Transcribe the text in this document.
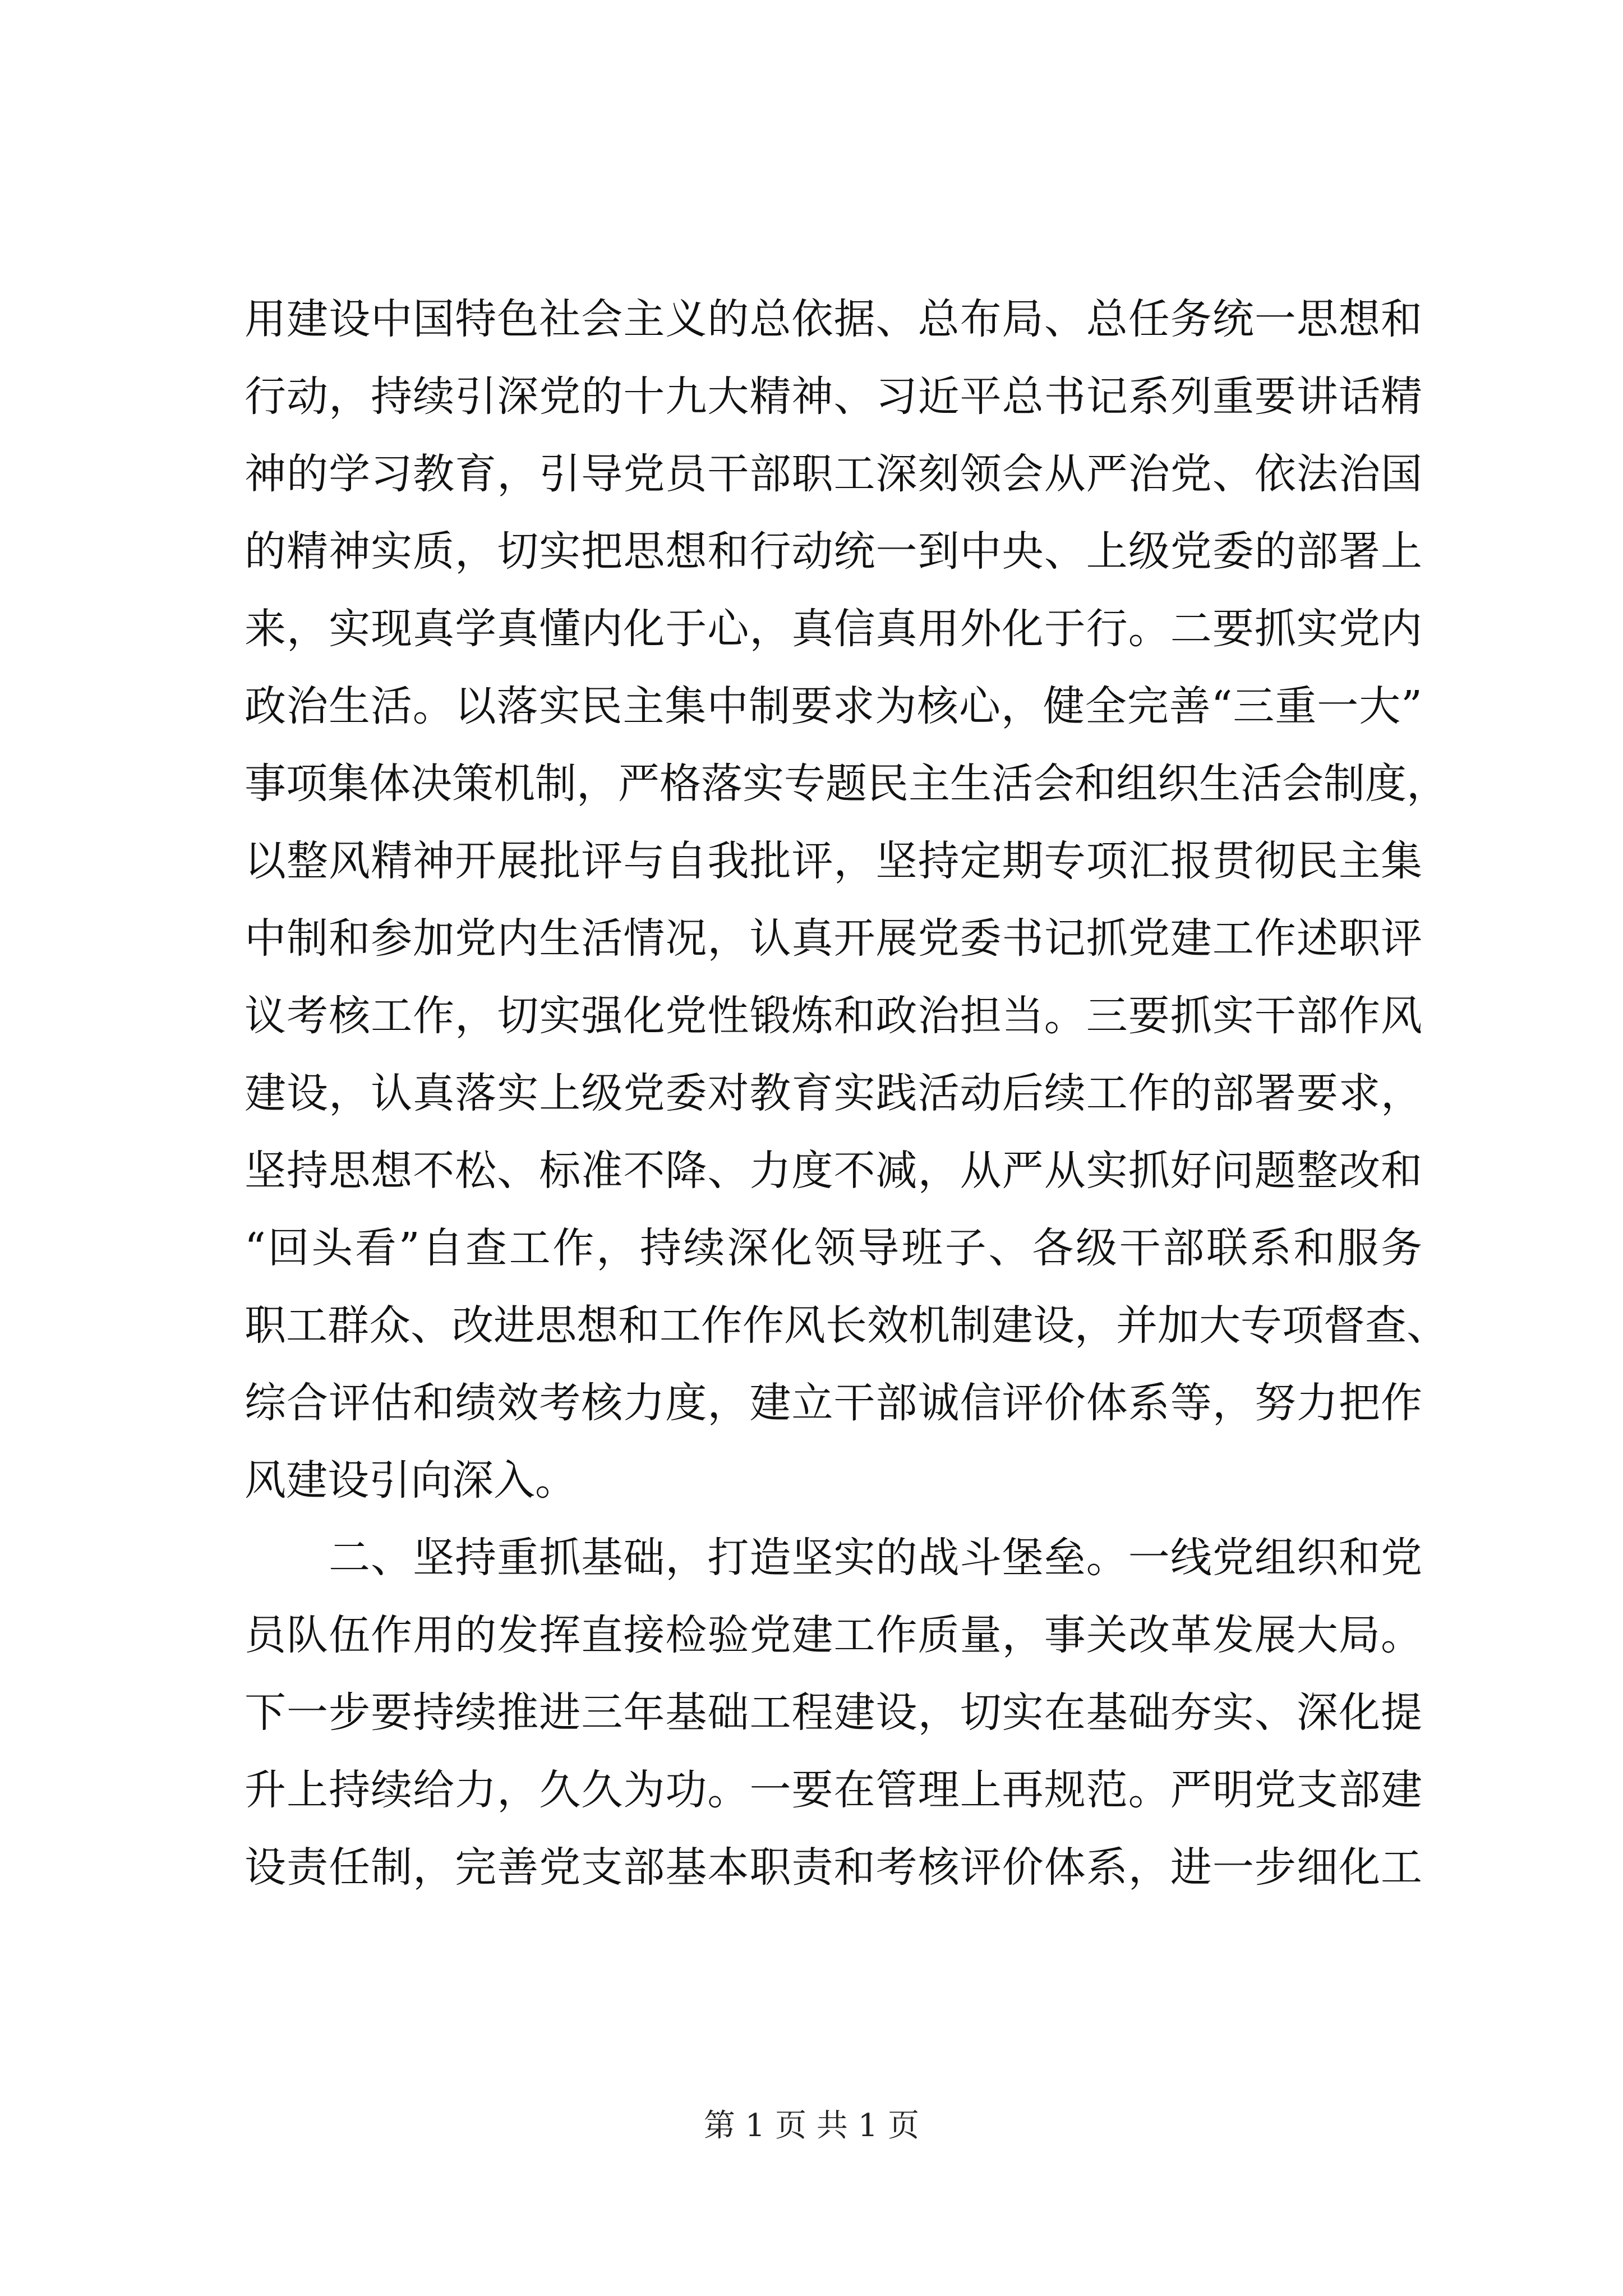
用建设中国特色社会主义的总依据、总布局、总任务统一思想和
行动，持续引深党的十九大精神、习近平总书记系列重要讲话精
神的学习教育，引导党员干部职工深刻领会从严治党、依法治国
的精神实质，切实把思想和行动统一到中央、上级党委的部署上
来，实现真学真懂内化于心，真信真用外化于行。二要抓实党内
政治生活。以落实民主集中制要求为核心，健全完善“三重一大”
事项集体决策机制，严格落实专题民主生活会和组织生活会制度，
以整风精神开展批评与自我批评，坚持定期专项汇报贯彻民主集
中制和参加党内生活情况，认真开展党委书记抓党建工作述职评
议考核工作，切实强化党性锻炼和政治担当。三要抓实干部作风
建设，认真落实上级党委对教育实践活动后续工作的部署要求，
坚持思想不松、标准不降、力度不减，从严从实抓好问题整改和
“回头看”自查工作，持续深化领导班子、各级干部联系和服务
职工群众、改进思想和工作作风长效机制建设，并加大专项督查、
综合评估和绩效考核力度，建立干部诚信评价体系等，努力把作
风建设引向深入。
二、坚持重抓基础，打造坚实的战斗堡垒。一线党组织和党
员队伍作用的发挥直接检验党建工作质量，事关改革发展大局。
下一步要持续推进三年基础工程建设，切实在基础夯实、深化提
升上持续给力，久久为功。一要在管理上再规范。严明党支部建
设责任制，完善党支部基本职责和考核评价体系，进一步细化工
第 1 页 共 1 页
